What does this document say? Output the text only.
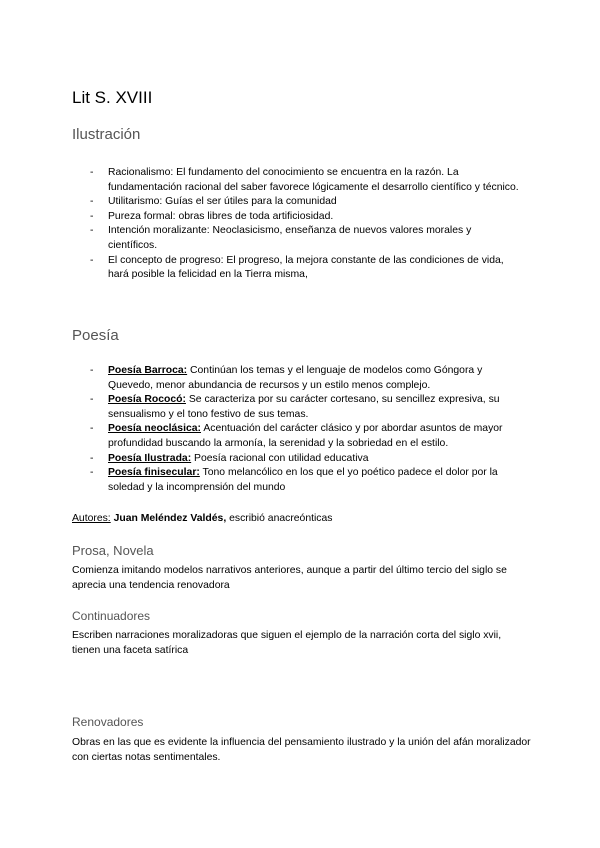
Lit S. XVIII
Ilustración
- Racionalismo: El fundamento del conocimiento se encuentra en la razón. La fundamentación racional del saber favorece lógicamente el desarrollo científico y técnico.
- Utilitarismo: Guías el ser útiles para la comunidad
- Pureza formal: obras libres de toda artificiosidad.
- Intención moralizante: Neoclasicismo, enseñanza de nuevos valores morales y científicos.
- El concepto de progreso: El progreso, la mejora constante de las condiciones de vida, hará posible la felicidad en la Tierra misma,
Poesía
- Poesía Barroca: Continúan los temas y el lenguaje de modelos como Góngora y Quevedo, menor abundancia de recursos y un estilo menos complejo.
- Poesía Rococó: Se caracteriza por su carácter cortesano, su sencillez expresiva, su sensualismo y el tono festivo de sus temas.
- Poesía neoclásica: Acentuación del carácter clásico y por abordar asuntos de mayor profundidad buscando la armonía, la serenidad y la sobriedad en el estilo.
- Poesía Ilustrada: Poesía racional con utilidad educativa
- Poesía finisecular: Tono melancólico en los que el yo poético padece el dolor por la soledad y la incomprensión del mundo

Autores: Juan Meléndez Valdés, escribió anacreónticas

Prosa, Novela

Comienza imitando modelos narrativos anteriores, aunque a partir del último tercio del siglo se aprecia una tendencia renovadora

Continuadores

Escriben narraciones moralizadoras que siguen el ejemplo de la narración corta del siglo xvii, tienen una faceta satírica

Renovadores

Obras en las que es evidente la influencia del pensamiento ilustrado y la unión del afán moralizador con ciertas notas sentimentales.
